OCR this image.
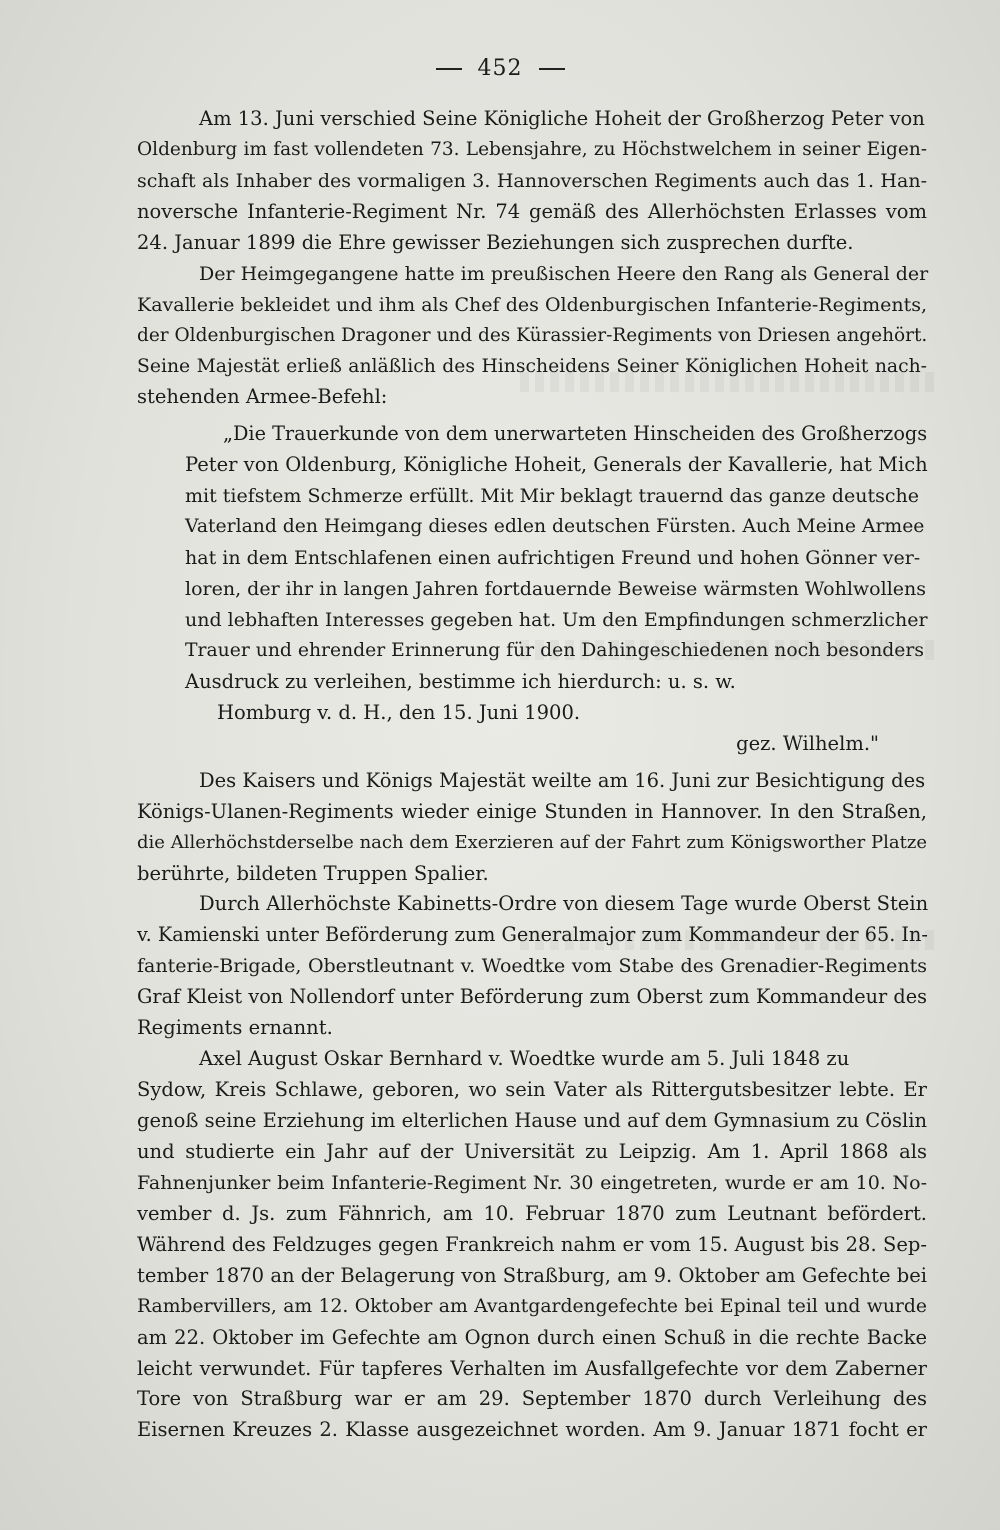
452
Am 13. Juni verschied Seine Königliche Hoheit der Großherzog Peter von
Oldenburg im fast vollendeten 73. Lebensjahre, zu Höchstwelchem in seiner Eigen-
schaft als Inhaber des vormaligen 3. Hannoverschen Regiments auch das 1. Han-
noversche Infanterie-Regiment Nr. 74 gemäß des Allerhöchsten Erlasses vom
24. Januar 1899 die Ehre gewisser Beziehungen sich zusprechen durfte.
Der Heimgegangene hatte im preußischen Heere den Rang als General der
Kavallerie bekleidet und ihm als Chef des Oldenburgischen Infanterie-Regiments,
der Oldenburgischen Dragoner und des Kürassier-Regiments von Driesen angehört.
Seine Majestät erließ anläßlich des Hinscheidens Seiner Königlichen Hoheit nach-
stehenden Armee-Befehl:
„Die Trauerkunde von dem unerwarteten Hinscheiden des Großherzogs
Peter von Oldenburg, Königliche Hoheit, Generals der Kavallerie, hat Mich
mit tiefstem Schmerze erfüllt. Mit Mir beklagt trauernd das ganze deutsche
Vaterland den Heimgang dieses edlen deutschen Fürsten. Auch Meine Armee
hat in dem Entschlafenen einen aufrichtigen Freund und hohen Gönner ver-
loren, der ihr in langen Jahren fortdauernde Beweise wärmsten Wohlwollens
und lebhaften Interesses gegeben hat. Um den Empfindungen schmerzlicher
Trauer und ehrender Erinnerung für den Dahingeschiedenen noch besonders
Ausdruck zu verleihen, bestimme ich hierdurch: u. s. w.
Homburg v. d. H., den 15. Juni 1900.
gez. Wilhelm."
Des Kaisers und Königs Majestät weilte am 16. Juni zur Besichtigung des
Königs-Ulanen-Regiments wieder einige Stunden in Hannover. In den Straßen,
die Allerhöchstderselbe nach dem Exerzieren auf der Fahrt zum Königsworther Platze
berührte, bildeten Truppen Spalier.
Durch Allerhöchste Kabinetts-Ordre von diesem Tage wurde Oberst Stein
v. Kamienski unter Beförderung zum Generalmajor zum Kommandeur der 65. In-
fanterie-Brigade, Oberstleutnant v. Woedtke vom Stabe des Grenadier-Regiments
Graf Kleist von Nollendorf unter Beförderung zum Oberst zum Kommandeur des
Regiments ernannt.
Axel August Oskar Bernhard v. Woedtke wurde am 5. Juli 1848 zu
Sydow, Kreis Schlawe, geboren, wo sein Vater als Rittergutsbesitzer lebte. Er
genoß seine Erziehung im elterlichen Hause und auf dem Gymnasium zu Cöslin
und studierte ein Jahr auf der Universität zu Leipzig. Am 1. April 1868 als
Fahnenjunker beim Infanterie-Regiment Nr. 30 eingetreten, wurde er am 10. No-
vember d. Js. zum Fähnrich, am 10. Februar 1870 zum Leutnant befördert.
Während des Feldzuges gegen Frankreich nahm er vom 15. August bis 28. Sep-
tember 1870 an der Belagerung von Straßburg, am 9. Oktober am Gefechte bei
Rambervillers, am 12. Oktober am Avantgardengefechte bei Epinal teil und wurde
am 22. Oktober im Gefechte am Ognon durch einen Schuß in die rechte Backe
leicht verwundet. Für tapferes Verhalten im Ausfallgefechte vor dem Zaberner
Tore von Straßburg war er am 29. September 1870 durch Verleihung des
Eisernen Kreuzes 2. Klasse ausgezeichnet worden. Am 9. Januar 1871 focht er
